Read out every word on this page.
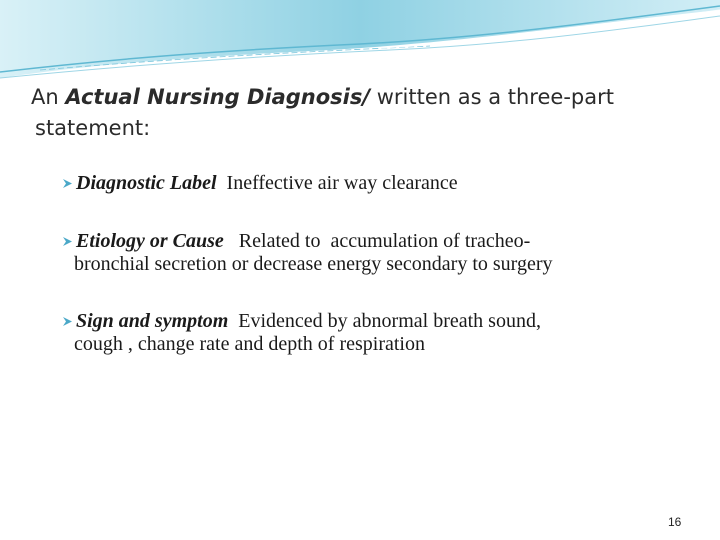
An Actual Nursing Diagnosis/ written as a three-part
statement:
Diagnostic Label  Ineffective air way clearance
Etiology or Cause   Related to  accumulation of tracheo-
bronchial secretion or decrease energy secondary to surgery
Sign and symptom  Evidenced by abnormal breath sound,
cough , change rate and depth of respiration
16
